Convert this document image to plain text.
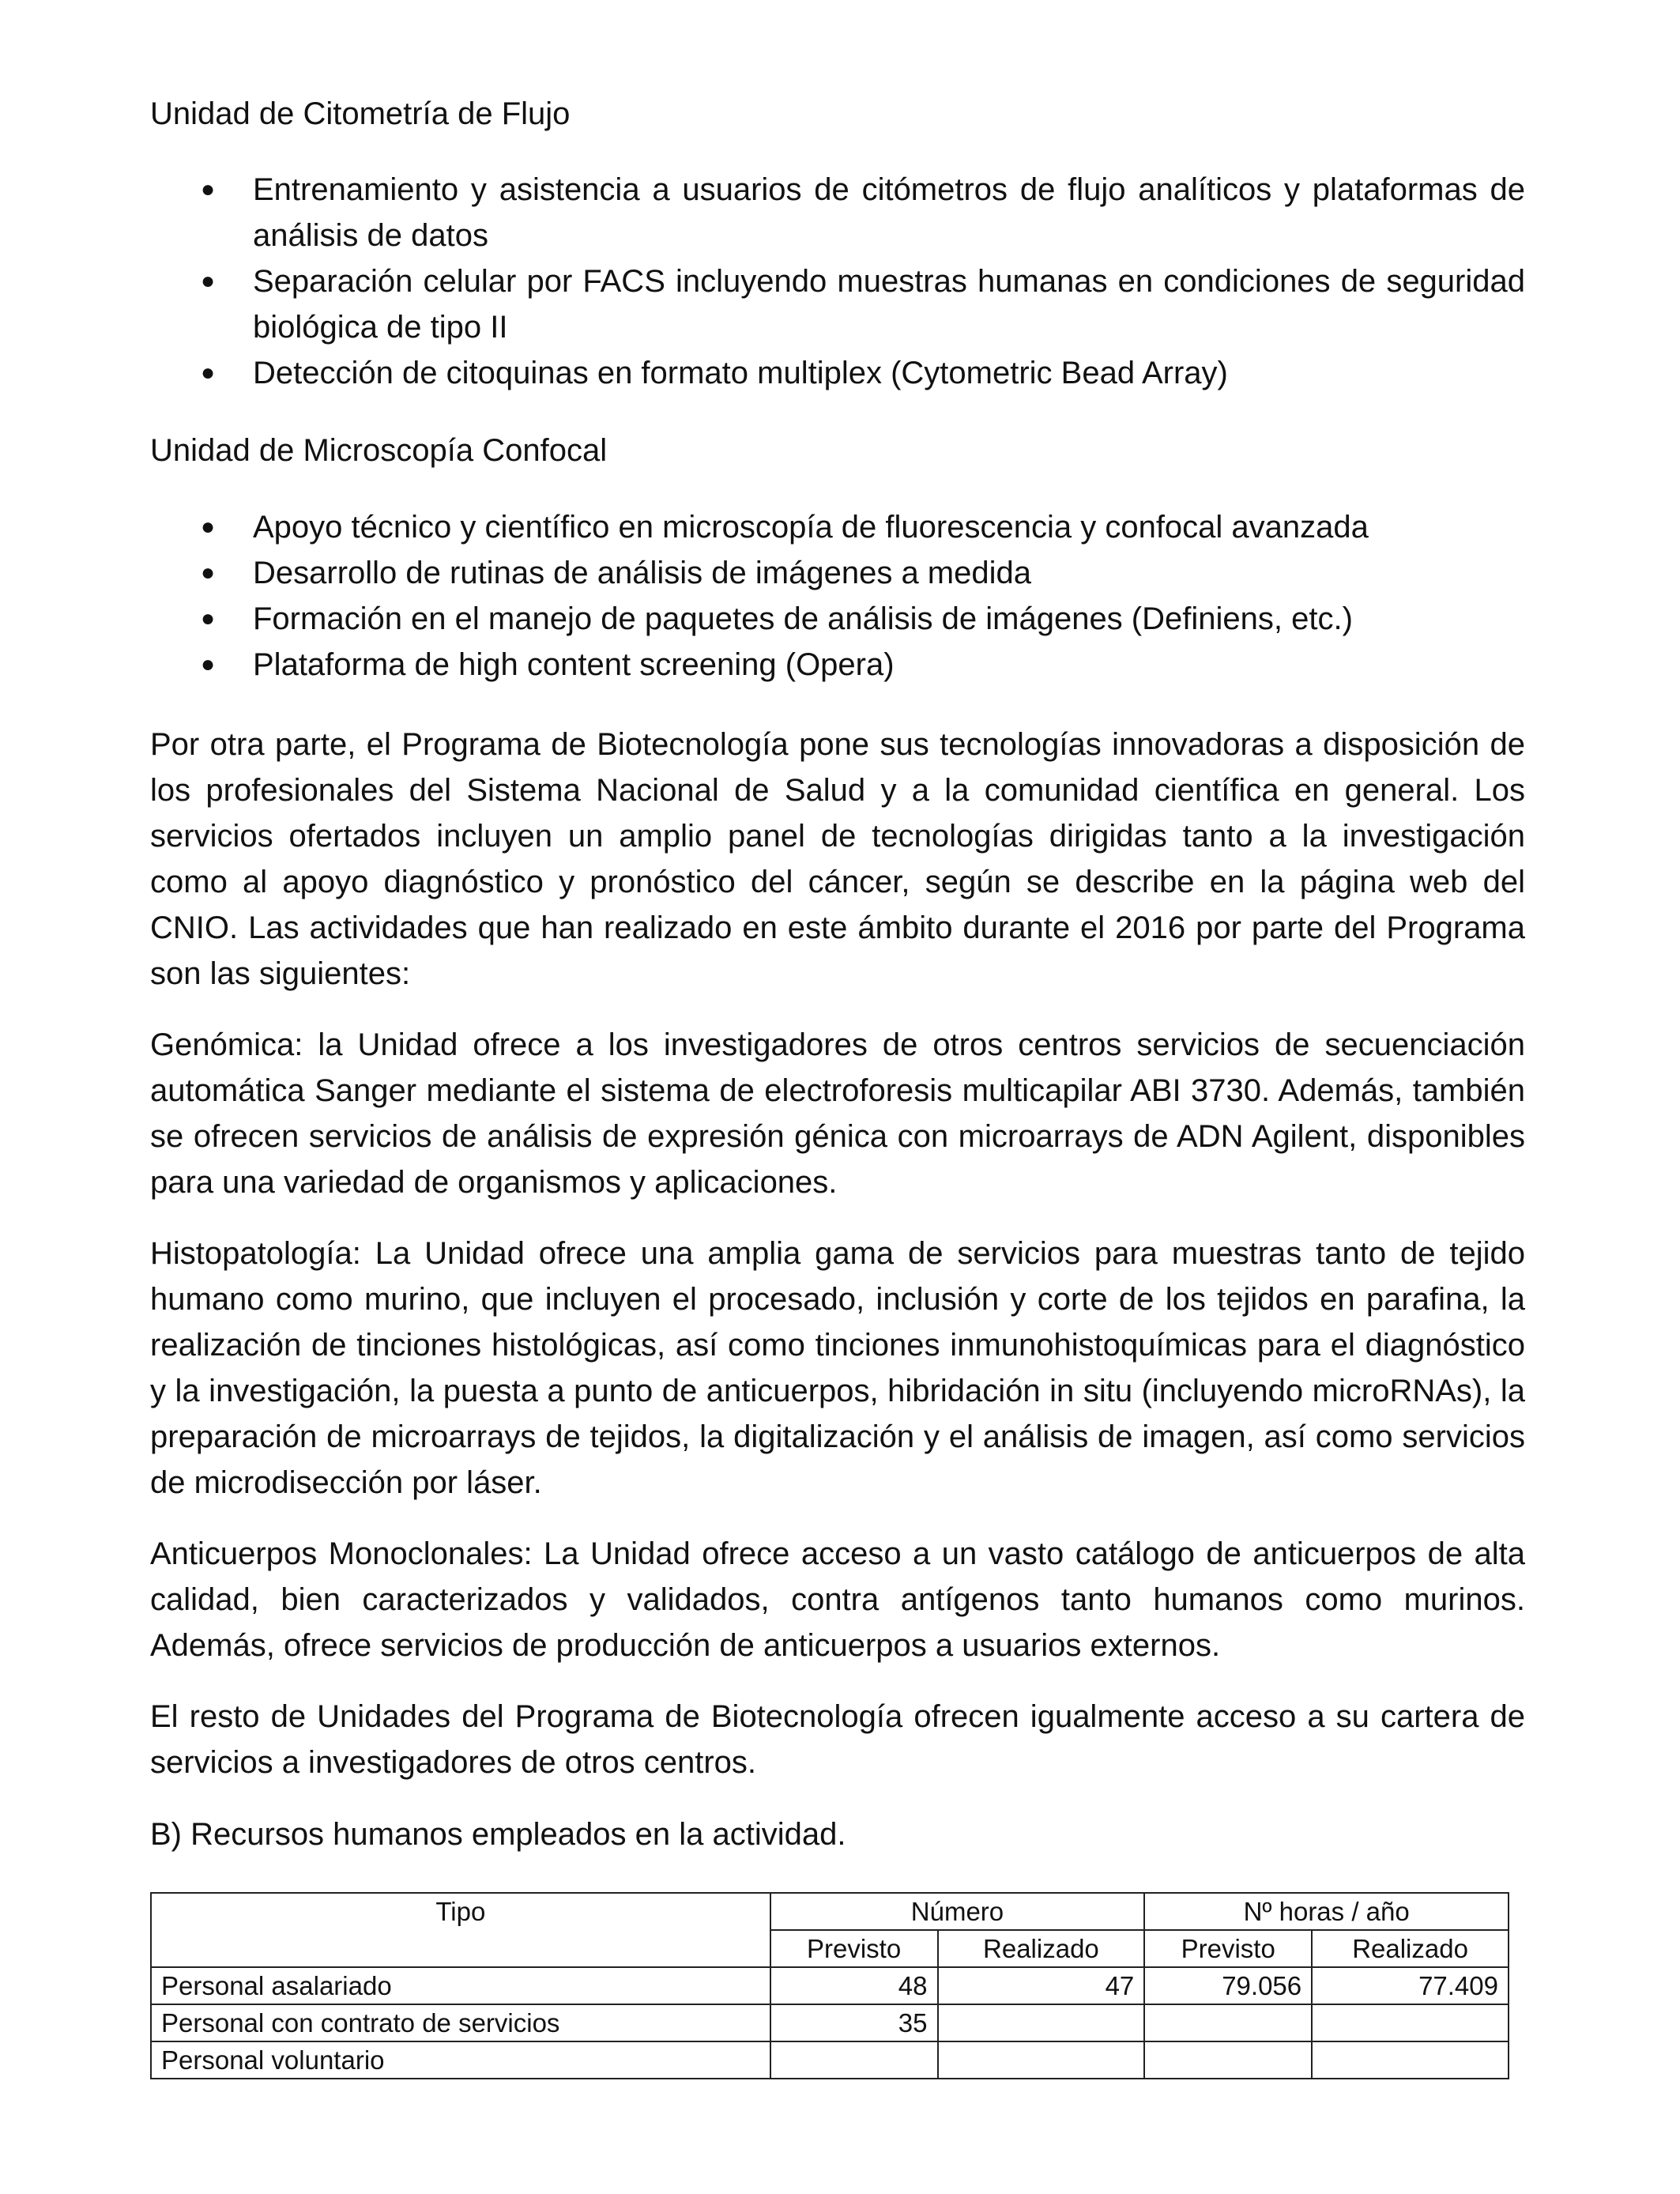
Unidad de Citometría de Flujo

● Entrenamiento y asistencia a usuarios de citómetros de flujo analíticos y plataformas de análisis de datos
● Separación celular por FACS incluyendo muestras humanas en condiciones de seguridad biológica de tipo II
● Detección de citoquinas en formato multiplex (Cytometric Bead Array)

Unidad de Microscopía Confocal

● Apoyo técnico y científico en microscopía de fluorescencia y confocal avanzada
● Desarrollo de rutinas de análisis de imágenes a medida
● Formación en el manejo de paquetes de análisis de imágenes (Definiens, etc.)
● Plataforma de high content screening (Opera)

Por otra parte, el Programa de Biotecnología pone sus tecnologías innovadoras a disposición de los profesionales del Sistema Nacional de Salud y a la comunidad científica en general. Los servicios ofertados incluyen un amplio panel de tecnologías dirigidas tanto a la investigación como al apoyo diagnóstico y pronóstico del cáncer, según se describe en la página web del CNIO. Las actividades que han realizado en este ámbito durante el 2016 por parte del Programa son las siguientes:

Genómica: la Unidad ofrece a los investigadores de otros centros servicios de secuenciación automática Sanger mediante el sistema de electroforesis multicapilar ABI 3730. Además, también se ofrecen servicios de análisis de expresión génica con microarrays de ADN Agilent, disponibles para una variedad de organismos y aplicaciones.

Histopatología: La Unidad ofrece una amplia gama de servicios para muestras tanto de tejido humano como murino, que incluyen el procesado, inclusión y corte de los tejidos en parafina, la realización de tinciones histológicas, así como tinciones inmunohistoquímicas para el diagnóstico y la investigación, la puesta a punto de anticuerpos, hibridación in situ (incluyendo microRNAs), la preparación de microarrays de tejidos, la digitalización y el análisis de imagen, así como servicios de microdisección por láser.

Anticuerpos Monoclonales: La Unidad ofrece acceso a un vasto catálogo de anticuerpos de alta calidad, bien caracterizados y validados, contra antígenos tanto humanos como murinos. Además, ofrece servicios de producción de anticuerpos a usuarios externos.

El resto de Unidades del Programa de Biotecnología ofrecen igualmente acceso a su cartera de servicios a investigadores de otros centros.

B) Recursos humanos empleados en la actividad.

Tipo	Número		Nº horas / año	
	Previsto	Realizado	Previsto	Realizado
Personal asalariado	48	47	79.056	77.409
Personal con contrato de servicios	35			
Personal voluntario				
